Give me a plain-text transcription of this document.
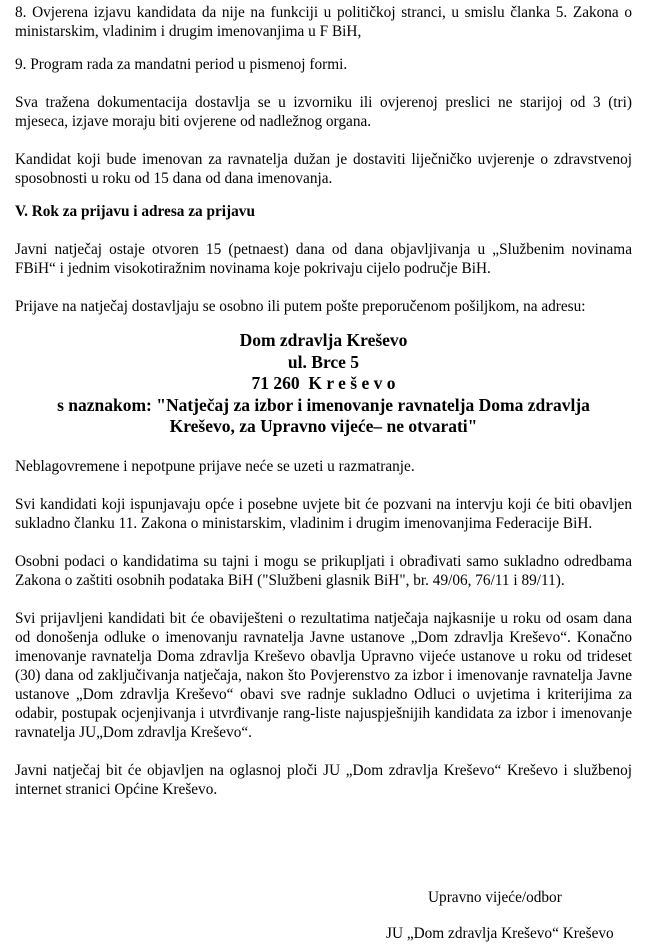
8. Ovjerena izjavu kandidata da nije na funkciji u političkoj stranci, u smislu članka 5. Zakona o ministarskim, vladinim i drugim imenovanjima u F BiH,

9. Program rada za mandatni period u pismenoj formi.

Sva tražena dokumentacija dostavlja se u izvorniku ili ovjerenoj preslici ne starijoj od 3 (tri) mjeseca, izjave moraju biti ovjerene od nadležnog organa.

Kandidat koji bude imenovan za ravnatelja dužan je dostaviti liječničko uvjerenje o zdravstvenoj sposobnosti u roku od 15 dana od dana imenovanja.

V. Rok za prijavu i adresa za prijavu

Javni natječaj ostaje otvoren 15 (petnaest) dana od dana objavljivanja u „Službenim novinama FBiH“ i jednim visokotiražnim novinama koje pokrivaju cijelo područje BiH.

Prijave na natječaj dostavljaju se osobno ili putem pošte preporučenom pošiljkom, na adresu:

Dom zdravlja Kreševo
ul. Brce 5
71 260 K r e š e v o
s naznakom: "Natječaj za izbor i imenovanje ravnatelja Doma zdravlja
Kreševo, za Upravno vijeće– ne otvarati"

Neblagovremene i nepotpune prijave neće se uzeti u razmatranje.

Svi kandidati koji ispunjavaju opće i posebne uvjete bit će pozvani na intervju koji će biti obavljen sukladno članku 11. Zakona o ministarskim, vladinim i drugim imenovanjima Federacije BiH.

Osobni podaci o kandidatima su tajni i mogu se prikupljati i obrađivati samo sukladno odredbama Zakona o zaštiti osobnih podataka BiH ("Službeni glasnik BiH", br. 49/06, 76/11 i 89/11).

Svi prijavljeni kandidati bit će obaviješteni o rezultatima natječaja najkasnije u roku od osam dana od donošenja odluke o imenovanju ravnatelja Javne ustanove „Dom zdravlja Kreševo“. Konačno imenovanje ravnatelja Doma zdravlja Kreševo obavlja Upravno vijeće ustanove u roku od trideset (30) dana od zaključivanja natječaja, nakon što Povjerenstvo za izbor i imenovanje ravnatelja Javne ustanove „Dom zdravlja Kreševo“ obavi sve radnje sukladno Odluci o uvjetima i kriterijima za odabir, postupak ocjenjivanja i utvrđivanje rang-liste najuspješnijih kandidata za izbor i imenovanje ravnatelja JU„Dom zdravlja Kreševo“.

Javni natječaj bit će objavljen na oglasnoj ploči JU „Dom zdravlja Kreševo“ Kreševo i službenoj internet stranici Općine Kreševo.

Upravno vijeće/odbor
JU „Dom zdravlja Kreševo“ Kreševo
